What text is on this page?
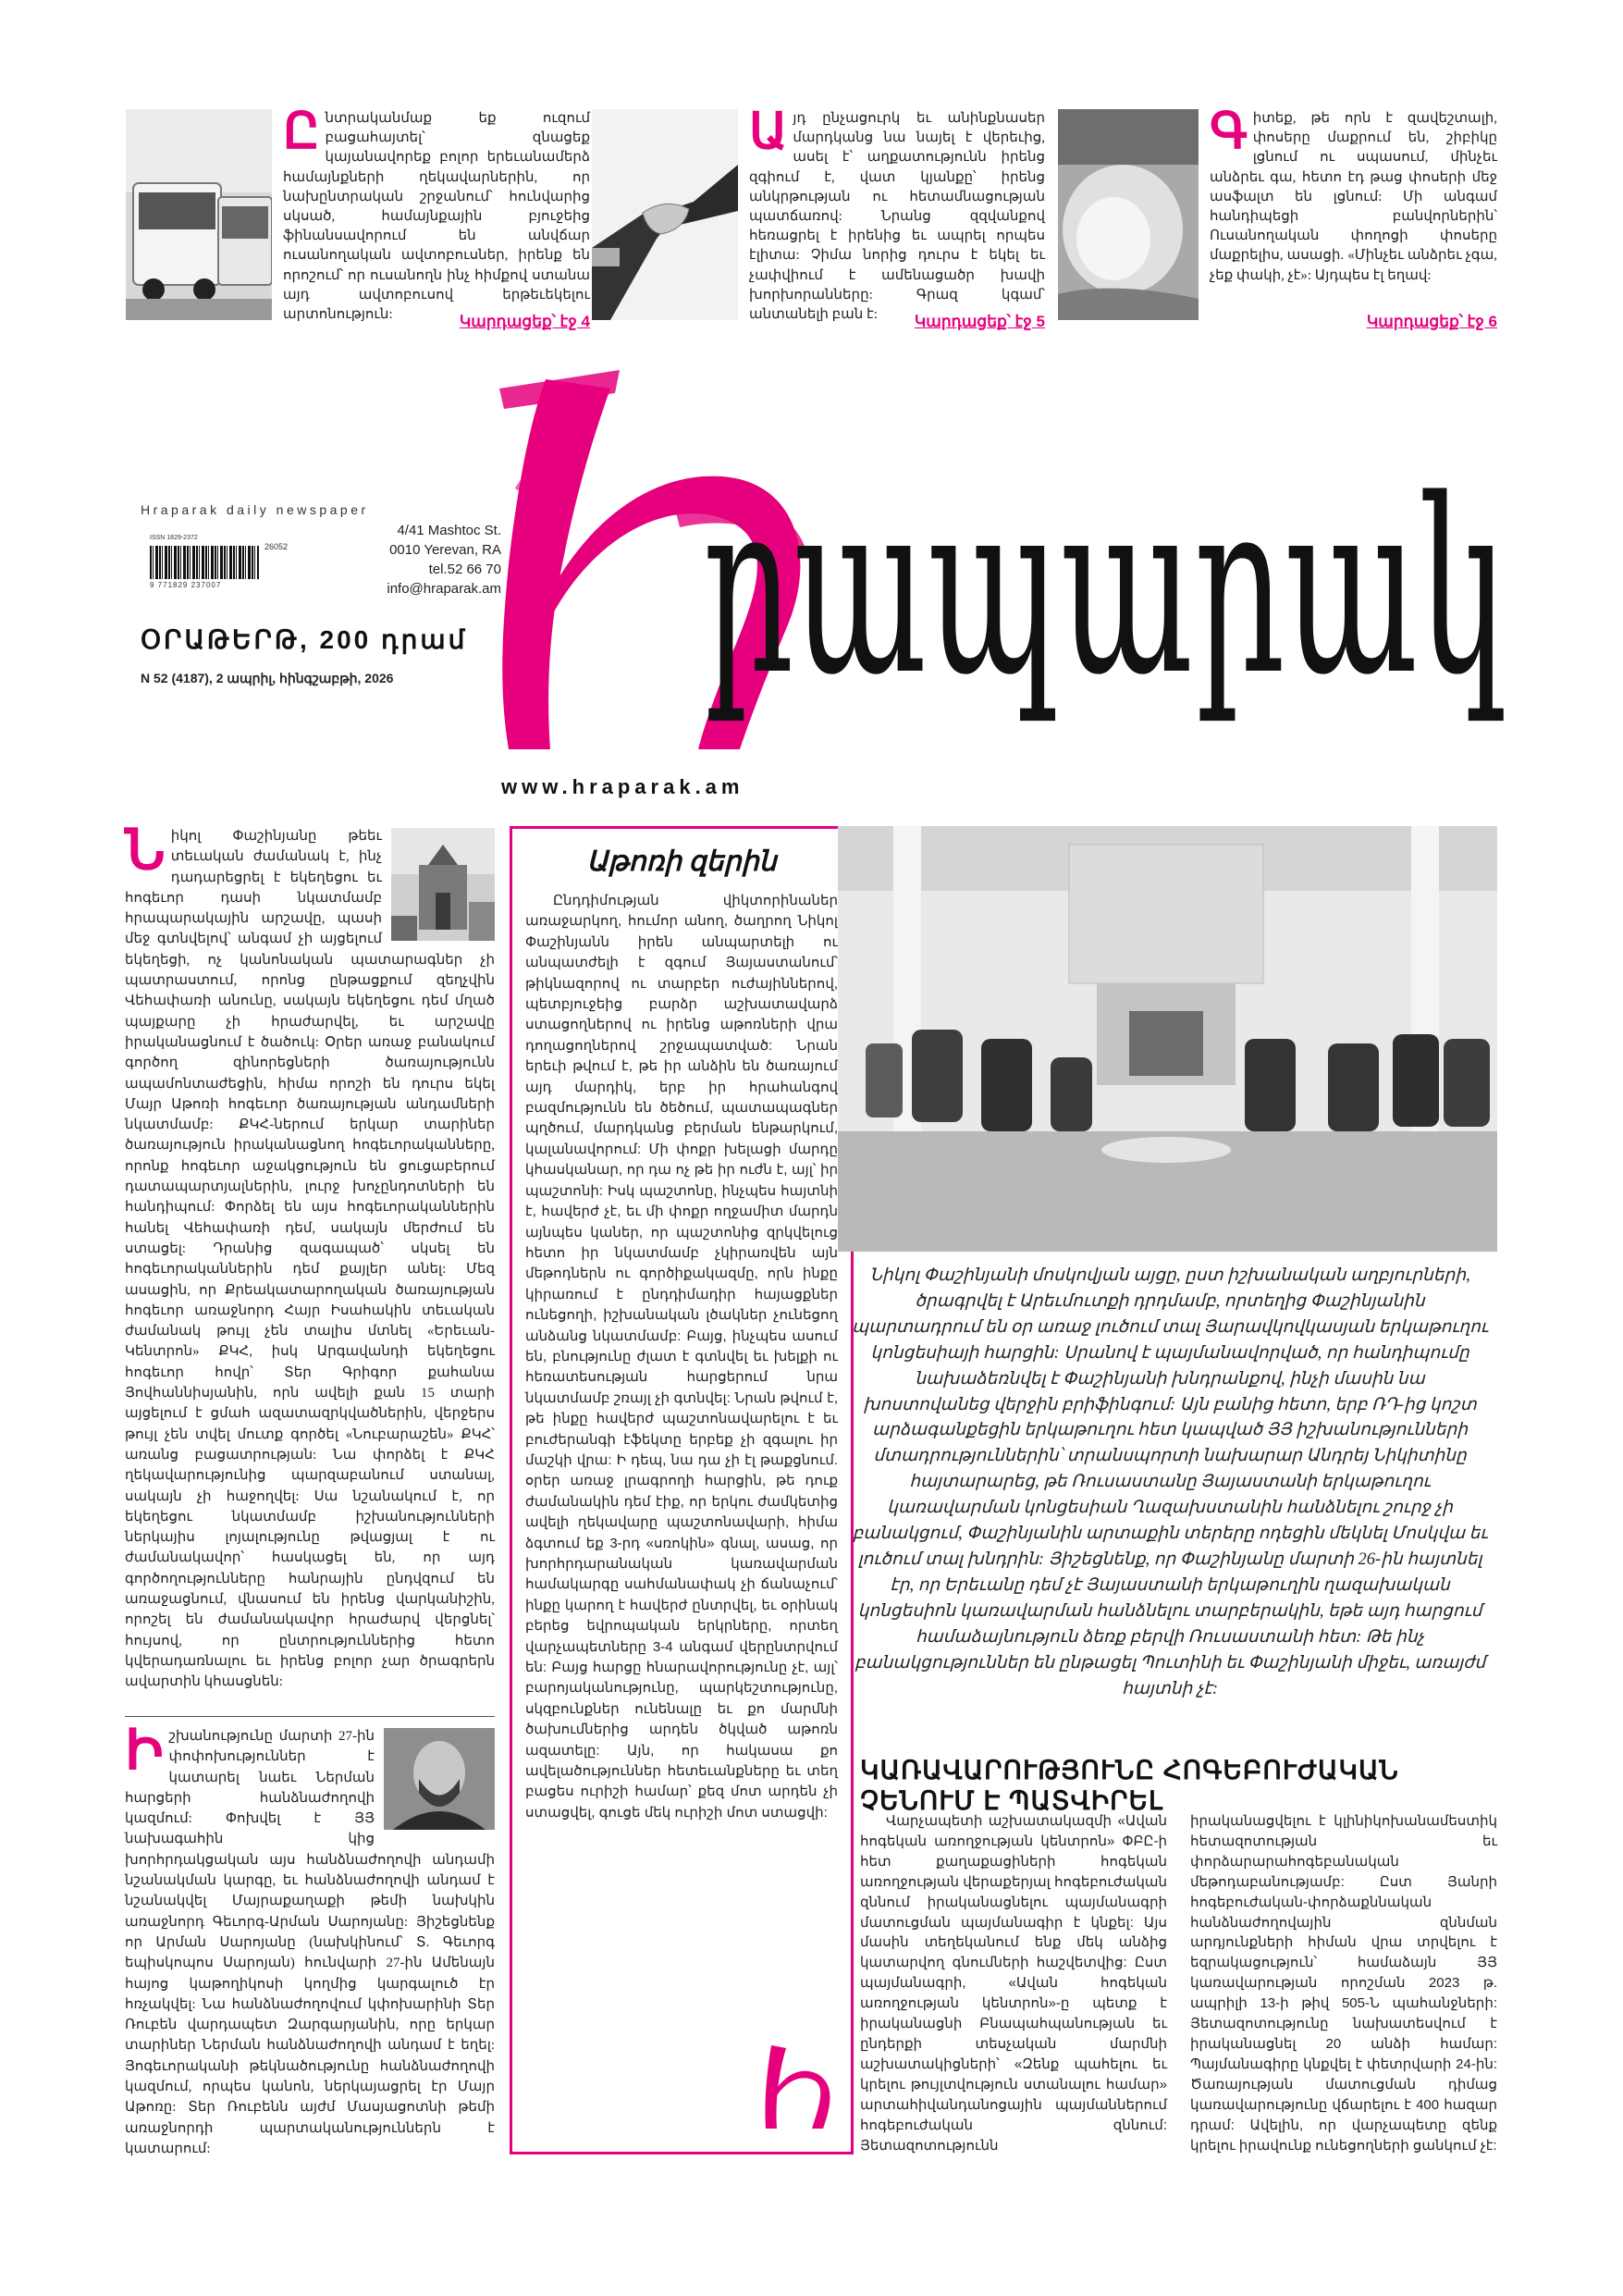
Ընտրականմաք եք ուզում բացահայտել՝ զնացեք կայանավորեք բոլոր երեւանամերձ համայնքների ղեկավարներին, որ նախընտրական շրջանում՝ հունվարից սկսած, համայնքային բյուջեից ֆինանսավորում են անվճար ուսանողական ավտոբուսներ, իրենք են որոշում՝ որ ուսանողն ինչ հիմքով ստանա այդ ավտոբուսով երթեւեկելու արտոնություն:	Կարդացեք՝ էջ 4
Այդ ընչացուրկ եւ անինքնասեր մարդկանց նա նայել է վերեւից, ասել է՝ աղքատությունն իրենց զգիում է, վատ կյանքը՝ իրենց անկրթության ու հետամնացության պատճառով: Նրանց զզվանքով հեռացրել է իրենից եւ ապրել որպես էլիտա: Չիմա նորից դուրս է եկել եւ չափվիում է ամենացածր խավի խորխորանները: Գրազ կգամ՝ անտանելի բան է:	Կարդացեք՝ էջ 5
Գիտեք, թե որն է զավեշտալի, փոսերը մաքրում են, շիբիկը լցնում ու սպասում, մինչեւ անձրեւ գա, հետո էդ թաց փոսերի մեջ ասֆալտ են լցնում: Մի անգամ հանդիպեցի բանվորներին՝ Ուսանողական փողոցի փոսերը մաքրելիս, ասացի. «Մինչեւ անձրեւ չգա, չեք փակի, չէ»: Այդպես էլ եղավ:
Կարդացեք՝ էջ 6
Hraparak daily newspaper
ISSN 1829-2372
9 771829 237007
26052
4/41 Mashtoc St.
0010 Yerevan, RA
tel.52 66 70
info@hraparak.am
ՕՐԱԹԵՐԹ, 200 դրամ
N 52 (4187), 2 ապրիլ, հինգշաբթի, 2026 րապարակ
www.hraparak.am
Նիկոլ Փաշինյանը թեեւ տեւական ժամանակ է, ինչ դադարեցրել է եկեղեցու եւ հոգեւոր դասի նկատմամբ հրապարակային արշավը, պասի մեջ գտնվելով՝ անգամ չի այցելում եկեղեցի, ոչ կանոնական պատարագներ չի պատրաստում, որոնց ընթացքում զեղչվին Վեհափառի անունը, սակայն եկեղեցու դեմ մղած պայքարը չի հրաժարվել, եւ արշավը իրականացնում է ծածուկ: Օրեր առաջ բանակում գործող զինորեցների ծառայությունն ապամոնտաժեցին, հիմա որոշի են դուրս եկել Մայր Աթոռի հոգեւոր ծառայության անդամների նկատմամբ: ՔԿՀ-ներում երկար տարիներ ծառայություն իրականացնող հոգեւորականները, որոնք հոգեւոր աջակցություն են ցուցաբերում դատապարտյալներին, լուրջ խոչընդոտների են հանդիպում: Փորձել են այս հոգեւորականներին հանել Վեհափառի դեմ, սակայն մերժում են ստացել: Դրանից զագապած՝ սկսել են հոգեւորականներին դեմ քայլեր անել: Մեզ ասացին, որ Քրեակատարողական ծառայության հոգեւոր առաջնորդ Հայր Իսահակին տեւական ժամանակ թույլ չեն տալիս մտնել «Երեւան-Կենտրոն» ՔԿՀ, իսկ Արգավանդի եկեղեցու հոգեւոր հովր՝ Տեր Գրիգոր քահանա Յովհաննիսյանին, որն ավելի քան 15 տարի այցելում է ցմահ ազատազրկվածներին, վերջերս թույլ չեն տվել մուտք գործել «Նուբարաշեն» ՔԿՀ՝ առանց բացատրության: Նա փորձել է ՔԿՀ ղեկավարությունից պարզաբանում ստանալ, սակայն չի հաջողվել: Սա նշանակում է, որ եկեղեցու նկատմամբ իշխանությունների ներկայիս լոյալությունը թվացյալ է ու ժամանակավոր՝ հասկացել են, որ այդ գործողությունները հանրային ընդվզում են առաջացնում, վնասում են իրենց վարկանիշին, որոշել են ժամանակավոր հրաժարվ վերցնել՝ հույսով, որ ընտրություններից հետո կվերադառնալու եւ իրենց բոլոր չար ծրագրերն ավարտին կհասցնեն:
Իշխանությունը մարտի 27-ին փոփոխություններ է կատարել նաեւ Ներման հարցերի հանձնաժողովի կազմում: Փոխվել է ՅՅ նախագահին կից խորհրդակցական այս հանձնաժողովի անդամի նշանակման կարգը, եւ հանձնաժողովի անդամ է նշանակվել Մայրաքաղաքի թեմի նախկին առաջնորդ Գեւորգ-Արման Սարոյանը: Յիշեցնենք որ Արման Սարոյանը (նախկինում՝ Տ. Գեւորգ եպիսկոպոս Սարոյան) հունվարի 27-ին Ամենայն հայոց կաթողիկոսի կողմից կարգալուծ էր հռչակվել: Նա հանձնաժողովում կփոխարինի Տեր Ռուբեն վարդապետ Զարգարյանին, որը երկար տարիներ Ներման հանձնաժողովի անդամ է եղել: Յոգեւորականի թեկնածությունը հանձնաժողովի կազմում, որպես կանոն, ներկայացրել էր Մայր Աթոռը: Տեր Ռուբենն այժմ Մասյացոտնի թեմի առաջնորդի պարտականություններն է կատարում:
Աթոռի զերին
Ընդդիմության վիկտորինաներ առաջարկող, հումոր անող, ծաղրող Նիկոլ Փաշինյանն իրեն անպարտելի ու անպատժելի է զգում Յայաստանում՝ թիկնազորով ու տարբեր ուժայիններով, պետբյուջեից բարձր աշխատավարձ ստացողներով ու իրենց աթոռների վրա դողացողներով շրջապատված: Նրան երեւի թվում է, թե իր անձին են ծառայում այդ մարդիկ, երբ իր հրահանգով բազմությունն են ծեծում, պատապագներ պղծում, մարդկանց բերման ենթարկում, կալանավորում: Մի փոքր խելացի մարդը կհասկանար, որ դա ոչ թե իր ուժն է, այլ՝ իր պաշտոնի: Իսկ պաշտոնը, ինչպես հայտնի է, հավերժ չէ, եւ մի փոքր ողջամիտ մարդն այնպես կաներ, որ պաշտոնից զրկվելուց հետո իր նկատմամբ չկիրառվեն այն մեթոդներն ու գործիքակազմը, որն ինքը կիրառում է ընդդիմադիր հայացքներ ունեցողի, իշխանական լծակներ չունեցող անձանց նկատմամբ: Բայց, ինչպես ասում են, բնությունը ժլատ է գտնվել եւ խելքի ու հեռատեսության հարցերում նրա նկատմամբ շռայլ չի գտնվել: Նրան թվում է, թե ինքը հավերժ պաշտոնավարելու է եւ բուժերանգի էֆեկտը երբեք չի զգալու իր մաշկի վրա: Ի դեպ, նա դա չի էլ թաքցնում. օրեր առաջ լրագրողի հարցին, թե դուք ժամանակին դեմ էիք, որ երկու ժամկետից ավելի ղեկավարը պաշտոնավարի, հիմա ձգտում եք 3-րդ «սռոկին» գնալ, ասաց, որ խորհրդարանական կառավարման համակարգը սահմանափակ չի ճանաչում՝ ինքը կարող է հավերժ ընտրվել, եւ օրինակ բերեց եվրոպական երկրները, որտեղ վարչապետները 3-4 անգամ վերընտրվում են: Բայց հարցը հնարավորությունը չէ, այլ՝ բարոյականությունը, պարկեշտությունը, սկզբունքներ ունենալը եւ քո մարմնի ծախումներից արդեն ծկված աթոռն ազատելը: Այն, որ հակասա քո ավելածություններ հետեւանքները եւ տեղ բացես ուրիշի համար՝ քեզ մոտ արդեն չի ստացվել, գուցե մեկ ուրիշի մոտ ստացվի:
Նիկոլ Փաշինյանի մոսկովյան այցը, ըստ իշխանական աղբյուրների, ծրագրվել է Արեւմուտքի դրդմամբ, որտեղից Փաշինյանին պարտադրում են օր առաջ լուծում տալ Յարավկովկասյան երկաթուղու կոնցեսիայի հարցին: Սրանով է պայմանավորված, որ հանդիպումը նախաձեռնվել է Փաշինյանի խնդրանքով, ինչի մասին նա խոստովանեց վերջին բրիֆինգում: Այն բանից հետո, երբ ՌԴ-ից կոշտ արձագանքեցին երկաթուղու հետ կապված ՅՅ իշխանությունների մտադրություններին՝ տրանսպորտի նախարար Անդրեյ Նիկիտինը հայտարարեց, թե Ռուսաստանը Յայաստանի երկաթուղու կառավարման կոնցեսիան Ղազախստանին հանձնելու շուրջ չի բանակցում, Փաշինյանին արտաքին տերերը ոդեցին մեկնել Մոսկվա եւ լուծում տալ խնդրին: Յիշեցնենք, որ Փաշինյանը մարտի 26-ին հայտնել էր, որ Երեւանը դեմ չէ Յայաստանի երկաթուղին ղազախական կոնցեսիոն կառավարման հանձնելու տարբերակին, եթե այդ հարցում համաձայնություն ձեռք բերվի Ռուսաստանի հետ: Թե ինչ բանակցություններ են ընթացել Պուտինի եւ Փաշինյանի միջեւ, առայժմ հայտնի չէ:
ԿԱՌԱՎԱՐՈՒԹՅՈՒՆԸ ՀՈԳԵԲՈՒԺԱԿԱՆ ՉԵՆՈՒՄ Է ՊԱՏՎԻՐԵԼ
Վարչապետի աշխատակազմի «Ավան հոգեկան առողջության կենտրոն» ՓԲԸ-ի հետ քաղաքացիների հոգեկան առողջության վերաքերյալ հոգեբուժական զննում իրականացնելու պայմանագրի մատուցման պայմանագիր է կնքել: Այս մասին տեղեկանում ենք մեկ անձից կատարվող գնումների հաշվետվից: Ըստ պայմանագրի, «Ավան հոգեկան առողջության կենտրոն»-ը պետք է իրականացնի Բնապահպանության եւ ընդերքի տեսչական մարմնի աշխատակիցների՝ «Զենք պահելու եւ կրելու թույլտվություն ստանալու համար» արտահիվանդանոցային պայմաններում հոգեբուժական զննում: Յետազոտությունն
իրականացվելու է կլինիկոխանամեստիկ հետազոտության եւ փորձարարահոգեբանական մեթոդաբանությամբ: Ըստ Յանրի հոգեբուժական-փորձաքննական հանձնաժողովային զննման արդյունքների հիման վրա տրվելու է եզրակացություն՝ համաձայն ՅՅ կառավարության որոշման 2023 թ. ապրիլի 13-ի թիվ 505-Ն պահանջների: Յետազոտությունը նախատեսվում է իրականացնել 20 անձի համար: Պայմանագիրը կնքվել է փետրվարի 24-ին: Ծառայության մատուցման դիմաց կառավարությունը վճարելու է 400 հազար դրամ: Ավելին, որ վարչապետը զենք կրելու իրավունք ունեցողների ցանկում չէ:
